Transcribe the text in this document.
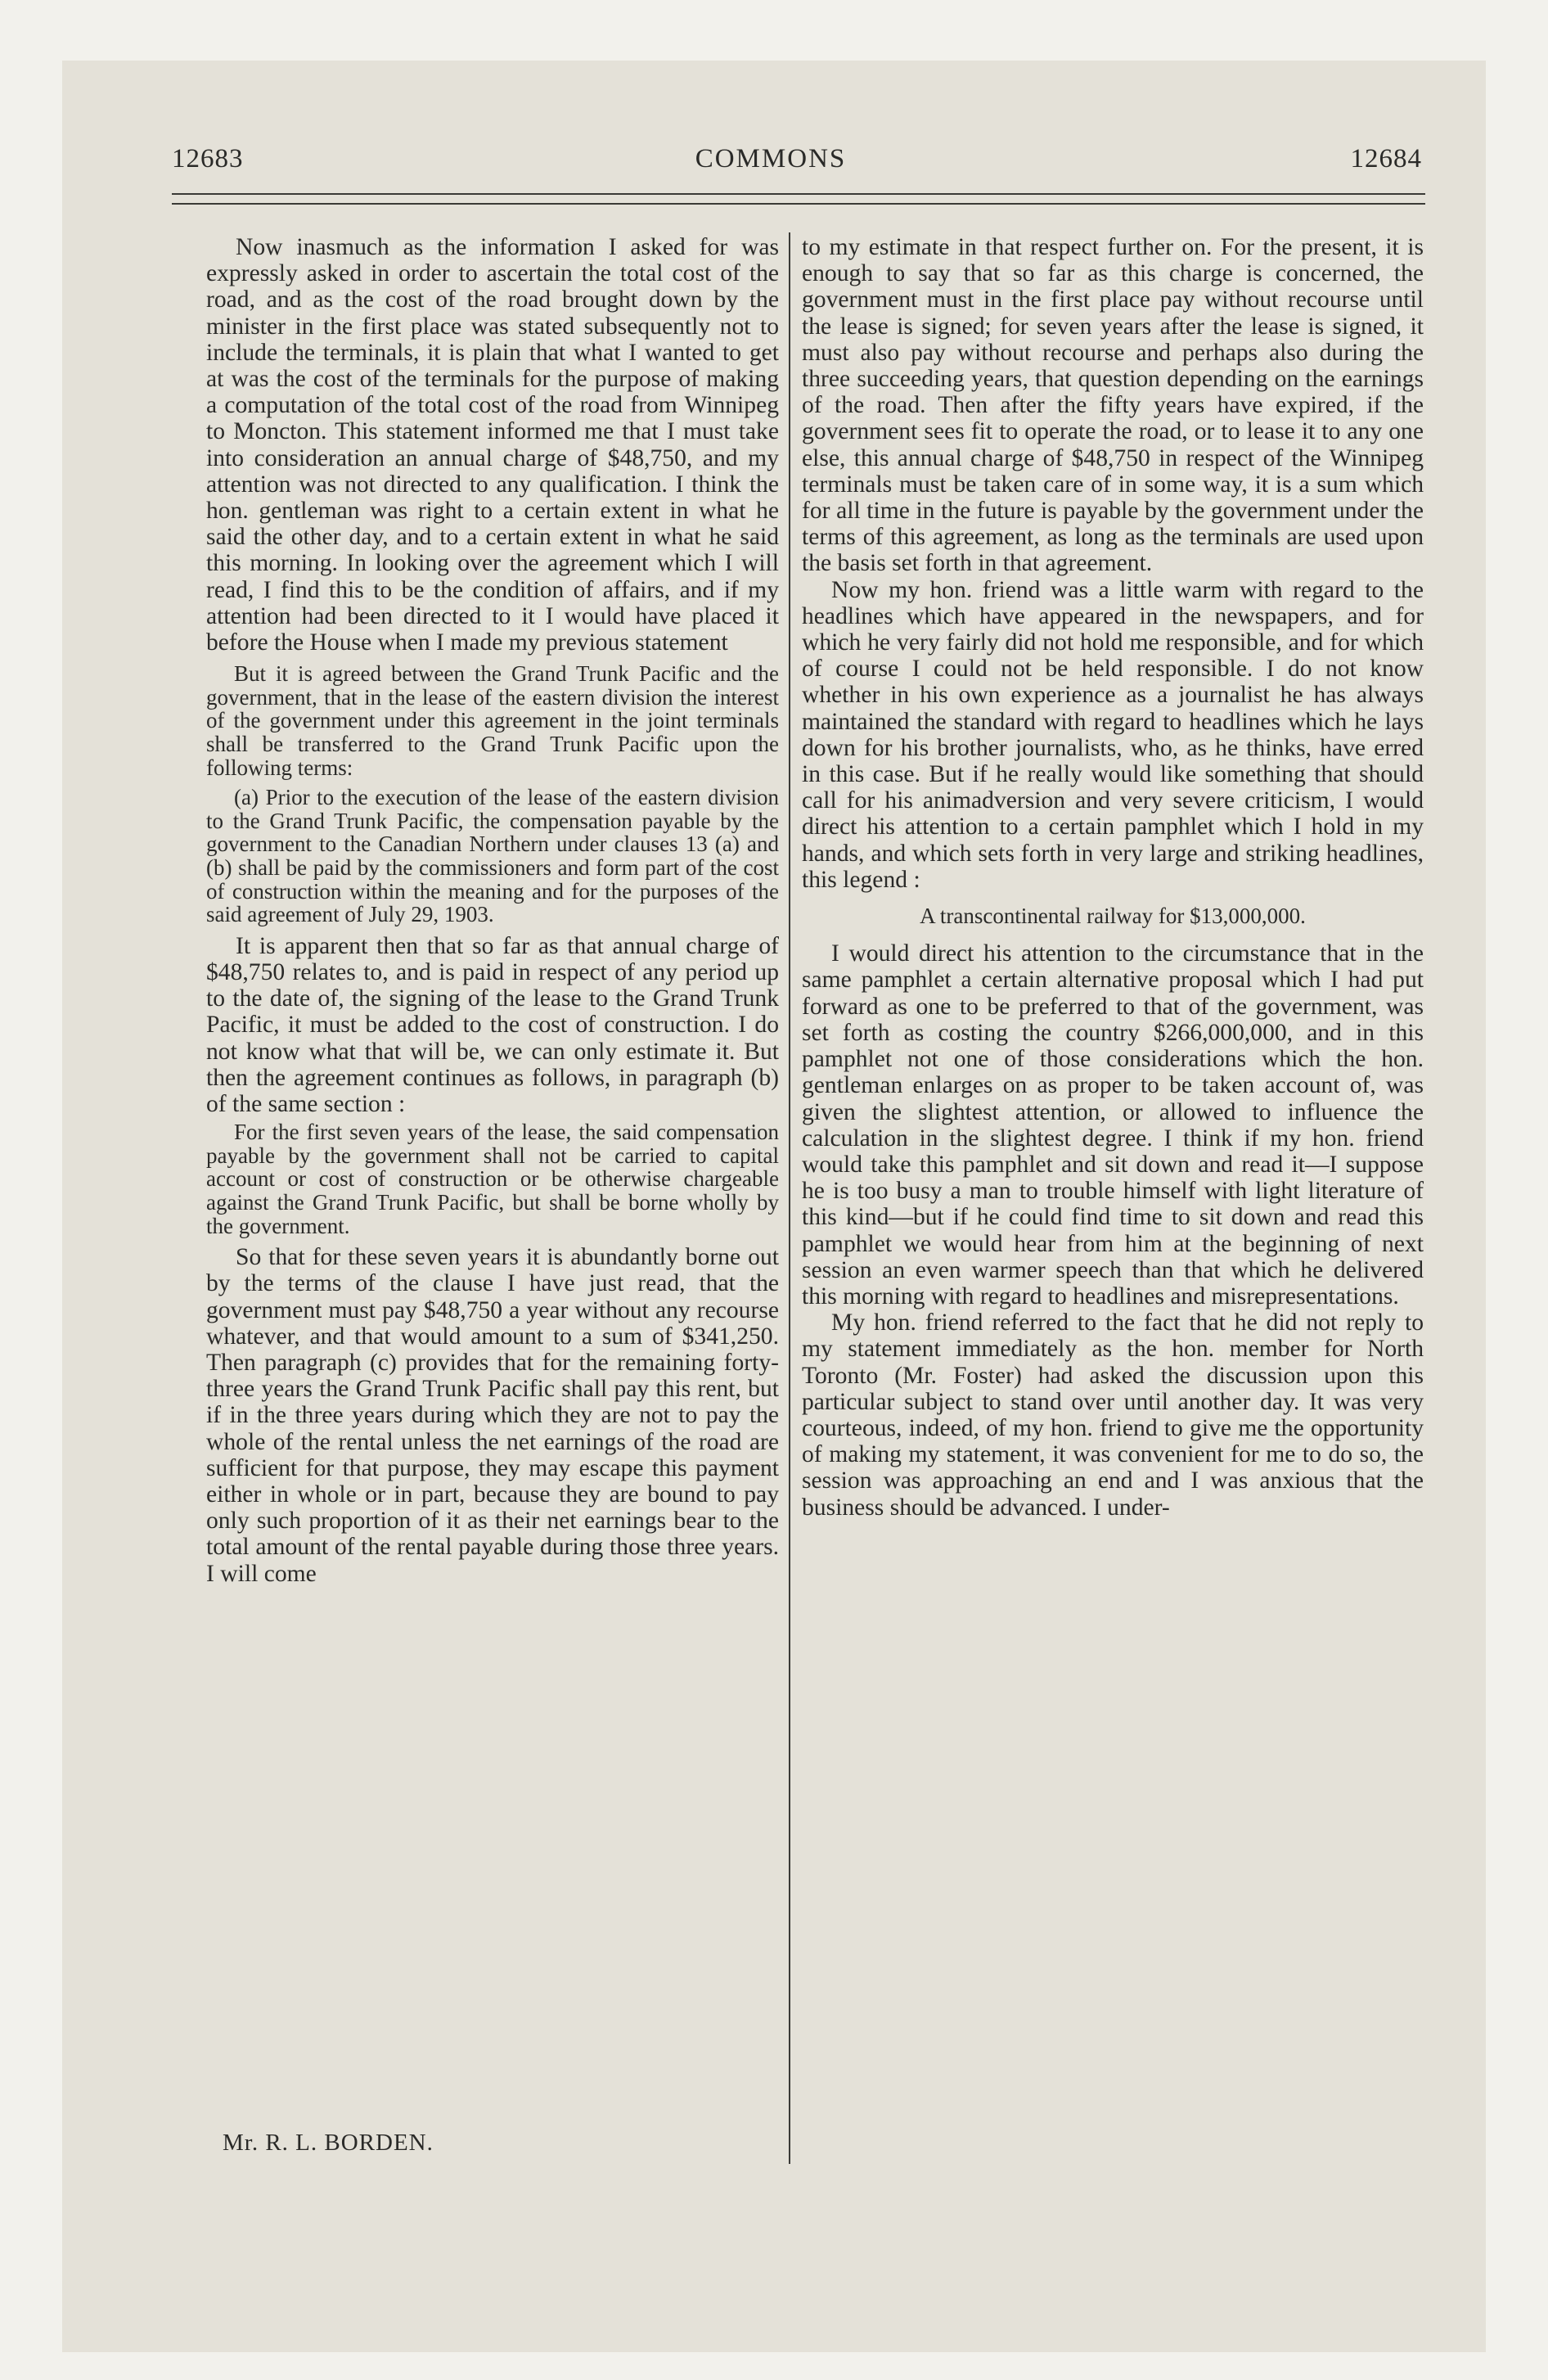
12683	COMMONS	12684

Now inasmuch as the information I asked for was expressly asked in order to ascertain the total cost of the road, and as the cost of the road brought down by the minister in the first place was stated subsequently not to include the terminals, it is plain that what I wanted to get at was the cost of the terminals for the purpose of making a computation of the total cost of the road from Winnipeg to Moncton. This statement informed me that I must take into consideration an annual charge of $48,750, and my attention was not directed to any qualification. I think the hon. gentleman was right to a certain extent in what he said the other day, and to a certain extent in what he said this morning. In looking over the agreement which I will read, I find this to be the condition of affairs, and if my attention had been directed to it I would have placed it before the House when I made my previous statement

But it is agreed between the Grand Trunk Pacific and the government, that in the lease of the eastern division the interest of the government under this agreement in the joint terminals shall be transferred to the Grand Trunk Pacific upon the following terms:

(a) Prior to the execution of the lease of the eastern division to the Grand Trunk Pacific, the compensation payable by the government to the Canadian Northern under clauses 13 (a) and (b) shall be paid by the commissioners and form part of the cost of construction within the meaning and for the purposes of the said agreement of July 29, 1903.

It is apparent then that so far as that annual charge of $48,750 relates to, and is paid in respect of any period up to the date of, the signing of the lease to the Grand Trunk Pacific, it must be added to the cost of construction. I do not know what that will be, we can only estimate it. But then the agreement continues as follows, in paragraph (b) of the same section :

For the first seven years of the lease, the said compensation payable by the government shall not be carried to capital account or cost of construction or be otherwise chargeable against the Grand Trunk Pacific, but shall be borne wholly by the government.

So that for these seven years it is abundantly borne out by the terms of the clause I have just read, that the government must pay $48,750 a year without any recourse whatever, and that would amount to a sum of $341,250. Then paragraph (c) provides that for the remaining forty-three years the Grand Trunk Pacific shall pay this rent, but if in the three years during which they are not to pay the whole of the rental unless the net earnings of the road are sufficient for that purpose, they may escape this payment either in whole or in part, because they are bound to pay only such proportion of it as their net earnings bear to the total amount of the rental payable during those three years. I will come

to my estimate in that respect further on. For the present, it is enough to say that so far as this charge is concerned, the government must in the first place pay without recourse until the lease is signed; for seven years after the lease is signed, it must also pay without recourse and perhaps also during the three succeeding years, that question depending on the earnings of the road. Then after the fifty years have expired, if the government sees fit to operate the road, or to lease it to any one else, this annual charge of $48,750 in respect of the Winnipeg terminals must be taken care of in some way, it is a sum which for all time in the future is payable by the government under the terms of this agreement, as long as the terminals are used upon the basis set forth in that agreement.

Now my hon. friend was a little warm with regard to the headlines which have appeared in the newspapers, and for which he very fairly did not hold me responsible, and for which of course I could not be held responsible. I do not know whether in his own experience as a journalist he has always maintained the standard with regard to headlines which he lays down for his brother journalists, who, as he thinks, have erred in this case. But if he really would like something that should call for his animadversion and very severe criticism, I would direct his attention to a certain pamphlet which I hold in my hands, and which sets forth in very large and striking headlines, this legend :

A transcontinental railway for $13,000,000.

I would direct his attention to the circumstance that in the same pamphlet a certain alternative proposal which I had put forward as one to be preferred to that of the government, was set forth as costing the country $266,000,000, and in this pamphlet not one of those considerations which the hon. gentleman enlarges on as proper to be taken account of, was given the slightest attention, or allowed to influence the calculation in the slightest degree. I think if my hon. friend would take this pamphlet and sit down and read it—I suppose he is too busy a man to trouble himself with light literature of this kind—but if he could find time to sit down and read this pamphlet we would hear from him at the beginning of next session an even warmer speech than that which he delivered this morning with regard to headlines and misrepresentations.

My hon. friend referred to the fact that he did not reply to my statement immediately as the hon. member for North Toronto (Mr. Foster) had asked the discussion upon this particular subject to stand over until another day. It was very courteous, indeed, of my hon. friend to give me the opportunity of making my statement, it was convenient for me to do so, the session was approaching an end and I was anxious that the business should be advanced. I under-

Mr. R. L. BORDEN.
